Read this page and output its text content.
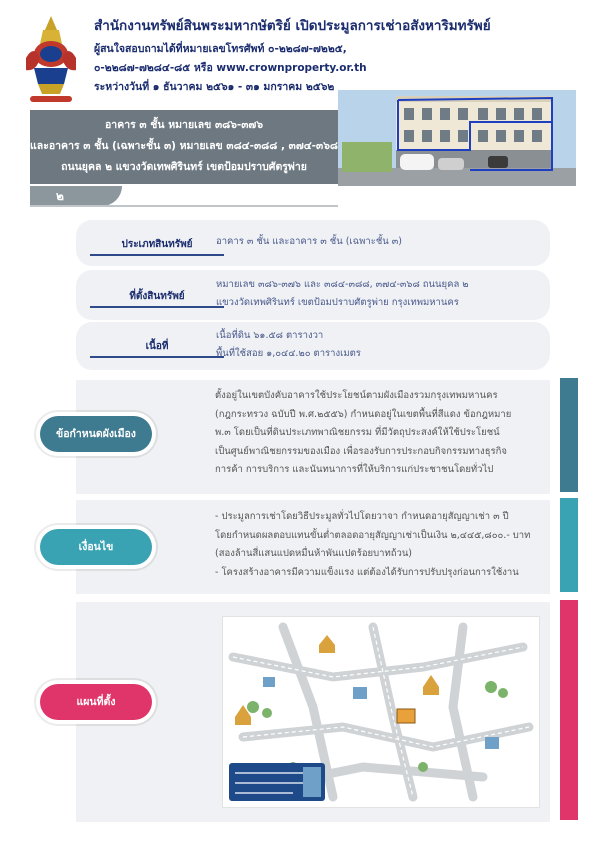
สำนักงานทรัพย์สินพระมหากษัตริย์ เปิดประมูลการเช่าอสังหาริมทรัพย์
ผู้สนใจสอบถามได้ที่หมายเลขโทรศัพท์ ๐-๒๒๘๗-๗๒๒๕,
๐-๒๒๘๗-๗๒๘๔-๘๕ หรือ www.crownproperty.or.th
ระหว่างวันที่ ๑ ธันวาคม ๒๕๖๑ - ๓๑ มกราคม ๒๕๖๒
อาคาร ๓ ชั้น หมายเลข ๓๘๖-๓๗๖
และอาคาร ๓ ชั้น (เฉพาะชั้น ๓) หมายเลข ๓๘๔-๓๘๘ , ๓๗๔-๓๖๘
ถนนยุคล ๒ แขวงวัดเทพศิรินทร์ เขตป้อมปราบศัตรูพ่าย
๒
ประเภทสินทรัพย์	อาคาร ๓ ชั้น และอาคาร ๓ ชั้น (เฉพาะชั้น ๓)
ที่ตั้งสินทรัพย์
หมายเลข ๓๘๖-๓๗๖ และ ๓๘๔-๓๘๘, ๓๗๔-๓๖๘ ถนนยุคล ๒
แขวงวัดเทพศิรินทร์ เขตป้อมปราบศัตรูพ่าย กรุงเทพมหานคร
เนื้อที่
เนื้อที่ดิน ๖๑.๕๘ ตารางวา
พื้นที่ใช้สอย ๑,๐๔๔.๒๐ ตารางเมตร
ข้อกำหนดผังเมือง
ตั้งอยู่ในเขตบังคับอาคารใช้ประโยชน์ตามผังเมืองรวมกรุงเทพมหานคร
(กฎกระทรวง ฉบับปี พ.ศ.๒๕๕๖) กำหนดอยู่ในเขตพื้นที่สีแดง ข้อกฎหมาย
พ.๓ โดยเป็นที่ดินประเภทพาณิชยกรรม ที่มีวัตถุประสงค์ให้ใช้ประโยชน์
เป็นศูนย์พาณิชยกรรมของเมือง เพื่อรองรับการประกอบกิจกรรมทางธุรกิจ
การค้า การบริการ และนันทนาการที่ให้บริการแก่ประชาชนโดยทั่วไป
เงื่อนไข
- ประมูลการเช่าโดยวิธีประมูลทั่วไปโดยวาจา กำหนดอายุสัญญาเช่า ๓ ปี
โดยกำหนดผลตอบแทนขั้นต่ำตลอดอายุสัญญาเช่าเป็นเงิน ๒,๔๔๕,๘๐๐.- บาท
(สองล้านสี่แสนแปดหมื่นห้าพันแปดร้อยบาทถ้วน)
- โครงสร้างอาคารมีความแข็งแรง แต่ต้องได้รับการปรับปรุงก่อนการใช้งาน
แผนที่ตั้ง
